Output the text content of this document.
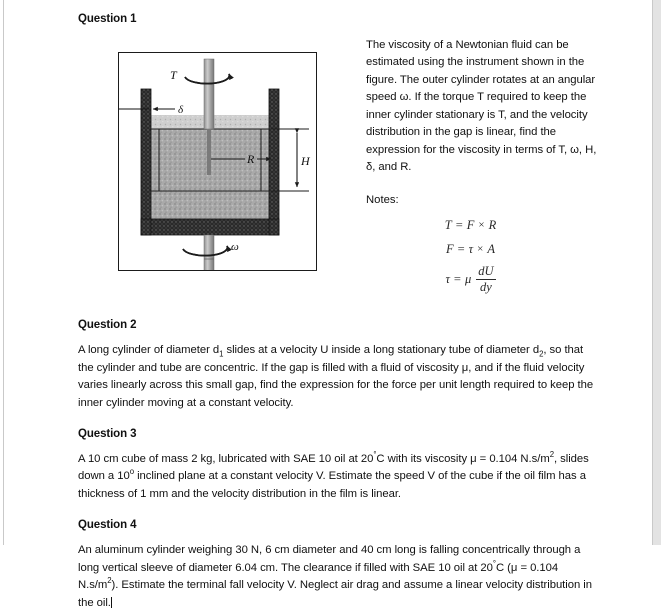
Question 1
T
ω
δ
R	H

The viscosity of a Newtonian fluid can be estimated using the instrument shown in the figure. The outer cylinder rotates at an angular speed ω. If the torque T required to keep the inner cylinder stationary is T, and the velocity distribution in the gap is linear, find the expression for the viscosity in terms of T, ω, H, δ, and R.

Notes:

T = F × R
F = τ × A
τ = μ $\frac{dU}{dy}$
Question 2

A long cylinder of diameter $d_1$ slides at a velocity U inside a long stationary tube of diameter $d_2$, so that the cylinder and tube are concentric. If the gap is filled with a fluid of viscosity μ, and if the fluid velocity varies linearly across this small gap, find the expression for the force per unit length required to keep the inner cylinder moving at a constant velocity.

Question 3

A 10 cm cube of mass 2 kg, lubricated with SAE 10 oil at 20°C with its viscosity μ = 0.104 $N.s/m^2$, slides down a 10$^o$ inclined plane at a constant velocity V. Estimate the speed V of the cube if the oil film has a thickness of 1 mm and the velocity distribution in the film is linear.

Question 4

An aluminum cylinder weighing 30 N, 6 cm diameter and 40 cm long is falling concentrically through a long vertical sleeve of diameter 6.04 cm. The clearance if filled with SAE 10 oil at 20°C (μ = 0.104 $N.s/m^2$). Estimate the terminal fall velocity V. Neglect air drag and assume a linear velocity distribution in the oil.
